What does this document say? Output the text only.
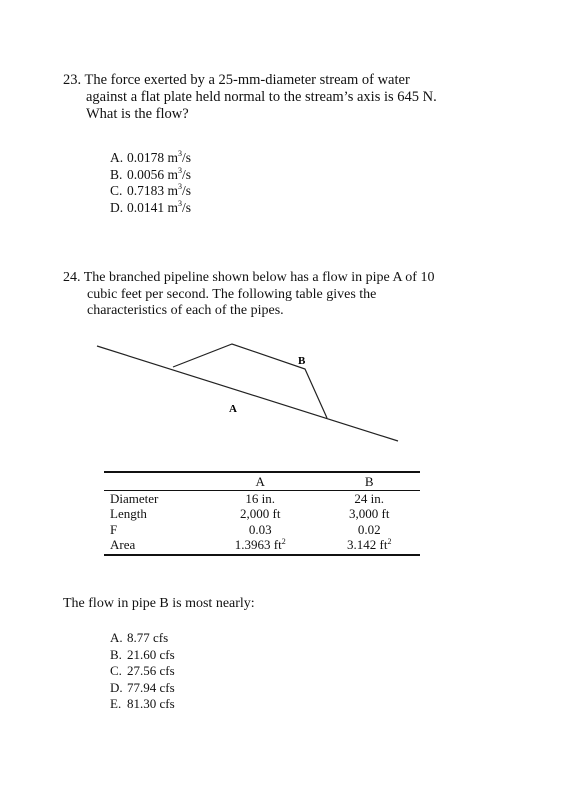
23. The force exerted by a 25-mm-diameter stream of water
against a flat plate held normal to the stream’s axis is 645 N.
What is the flow?
A. 0.0178 $m^3/s$
B. 0.0056 $m^3/s$
C. 0.7183 $m^3/s$
D. 0.0141 $m^3/s$
24. The branched pipeline shown below has a flow in pipe A of 10
cubic feet per second. The following table gives the
characteristics of each of the pipes.
B
A
	A	B
Diameter	16 in.	24 in.
Length	2,000 ft	3,000 ft
F	0.03	0.02
Area	1.3963 $ft^2$	3.142 $ft^2$
The flow in pipe B is most nearly:
A. 8.77 cfs
B. 21.60 cfs
C. 27.56 cfs
D. 77.94 cfs
E. 81.30 cfs
